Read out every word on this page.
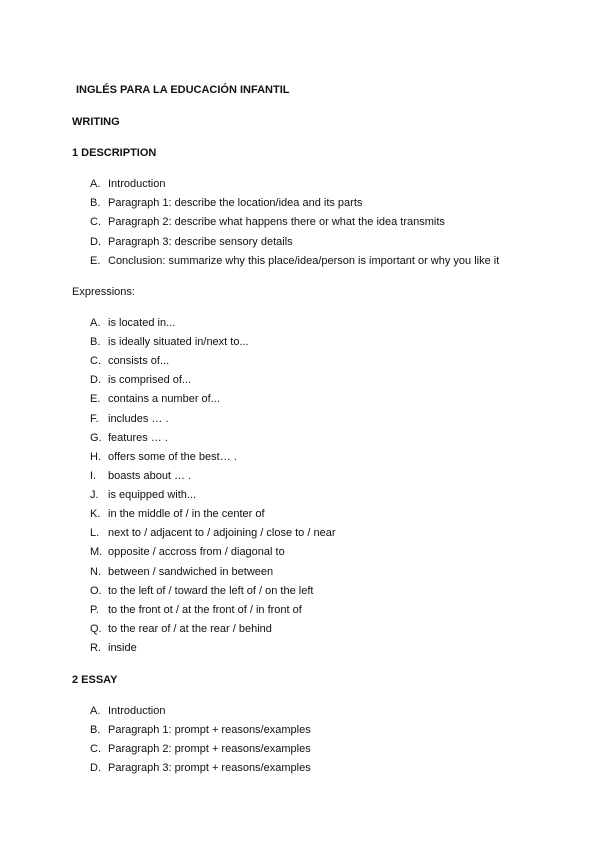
INGLÉS PARA LA EDUCACIÓN INFANTIL
WRITING
1 DESCRIPTION
A. Introduction
B. Paragraph 1: describe the location/idea and its parts
C. Paragraph 2: describe what happens there or what the idea transmits
D. Paragraph 3: describe sensory details
E. Conclusion: summarize why this place/idea/person is important or why you like it
Expressions:
A. is located in...
B. is ideally situated in/next to...
C. consists of...
D. is comprised of...
E. contains a number of...
F. includes … .
G. features … .
H. offers some of the best… .
I. boasts about … .
J. is equipped with...
K. in the middle of / in the center of
L. next to / adjacent to / adjoining / close to / near
M. opposite / accross from / diagonal to
N. between / sandwiched in between
O. to the left of / toward the left of / on the left
P. to the front ot / at the front of / in front of
Q. to the rear of / at the rear / behind
R. inside
2 ESSAY
A. Introduction
B. Paragraph 1: prompt + reasons/examples
C. Paragraph 2: prompt + reasons/examples
D. Paragraph 3: prompt + reasons/examples
